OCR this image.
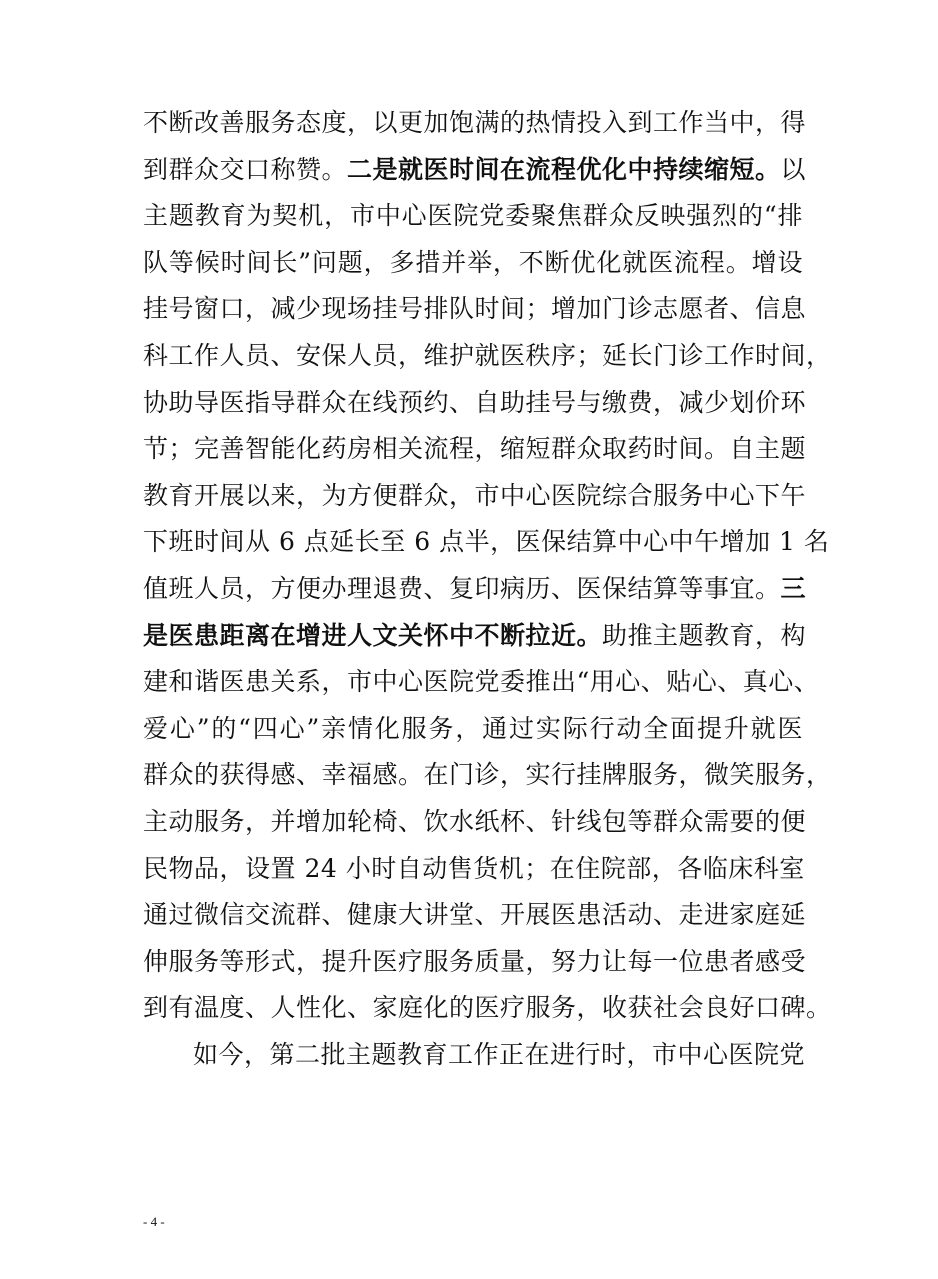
不断改善服务态度，以更加饱满的热情投入到工作当中，得
到群众交口称赞。二是就医时间在流程优化中持续缩短。以
主题教育为契机，市中心医院党委聚焦群众反映强烈的“排
队等候时间长”问题，多措并举，不断优化就医流程。增设
挂号窗口，减少现场挂号排队时间；增加门诊志愿者、信息
科工作人员、安保人员，维护就医秩序；延长门诊工作时间，
协助导医指导群众在线预约、自助挂号与缴费，减少划价环
节；完善智能化药房相关流程，缩短群众取药时间。自主题
教育开展以来，为方便群众，市中心医院综合服务中心下午
下班时间从 6 点延长至 6 点半，医保结算中心中午增加 1 名
值班人员，方便办理退费、复印病历、医保结算等事宜。三
是医患距离在增进人文关怀中不断拉近。助推主题教育，构
建和谐医患关系，市中心医院党委推出“用心、贴心、真心、
爱心”的“四心”亲情化服务，通过实际行动全面提升就医
群众的获得感、幸福感。在门诊，实行挂牌服务，微笑服务，
主动服务，并增加轮椅、饮水纸杯、针线包等群众需要的便
民物品，设置 24 小时自动售货机；在住院部，各临床科室
通过微信交流群、健康大讲堂、开展医患活动、走进家庭延
伸服务等形式，提升医疗服务质量，努力让每一位患者感受
到有温度、人性化、家庭化的医疗服务，收获社会良好口碑。
如今，第二批主题教育工作正在进行时，市中心医院党
- 4 -
